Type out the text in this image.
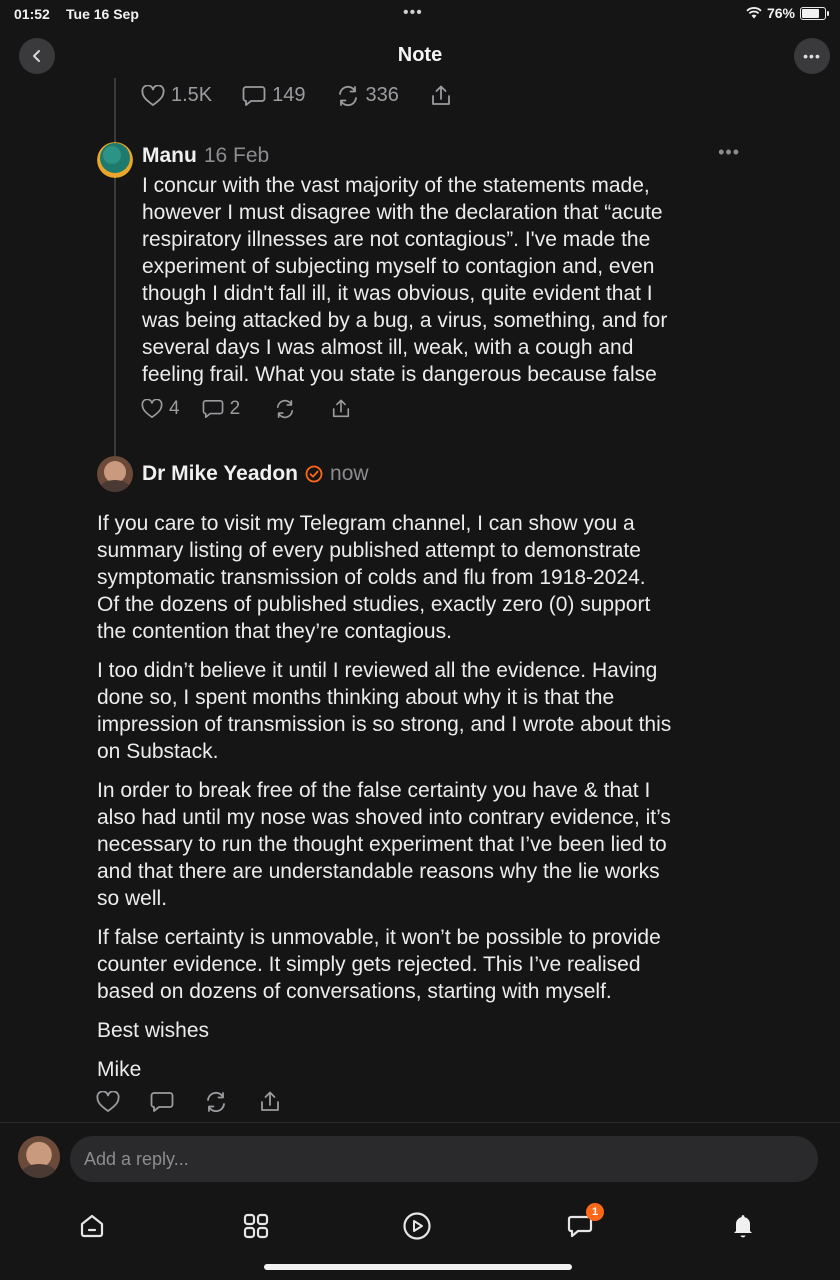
01:52 Tue 16 Sep	•••	76%
Note	•••
1.5K	149	336
Manu 16 Feb	•••
I concur with the vast majority of the statements made,
however I must disagree with the declaration that “acute
respiratory illnesses are not contagious”. I've made the
experiment of subjecting myself to contagion and, even
though I didn't fall ill, it was obvious, quite evident that I
was being attacked by a bug, a virus, something, and for
several days I was almost ill, weak, with a cough and
feeling frail. What you state is dangerous because false
4	2
Dr Mike Yeadon now

If you care to visit my Telegram channel, I can show you a
summary listing of every published attempt to demonstrate
symptomatic transmission of colds and flu from 1918-2024.
Of the dozens of published studies, exactly zero (0) support
the contention that they’re contagious.

I too didn’t believe it until I reviewed all the evidence. Having
done so, I spent months thinking about why it is that the
impression of transmission is so strong, and I wrote about this
on Substack.

In order to break free of the false certainty you have & that I
also had until my nose was shoved into contrary evidence, it’s
necessary to run the thought experiment that I’ve been lied to
and that there are understandable reasons why the lie works
so well.

If false certainty is unmovable, it won’t be possible to provide
counter evidence. It simply gets rejected. This I’ve realised
based on dozens of conversations, starting with myself.

Best wishes

Mike

Add a reply...
1
